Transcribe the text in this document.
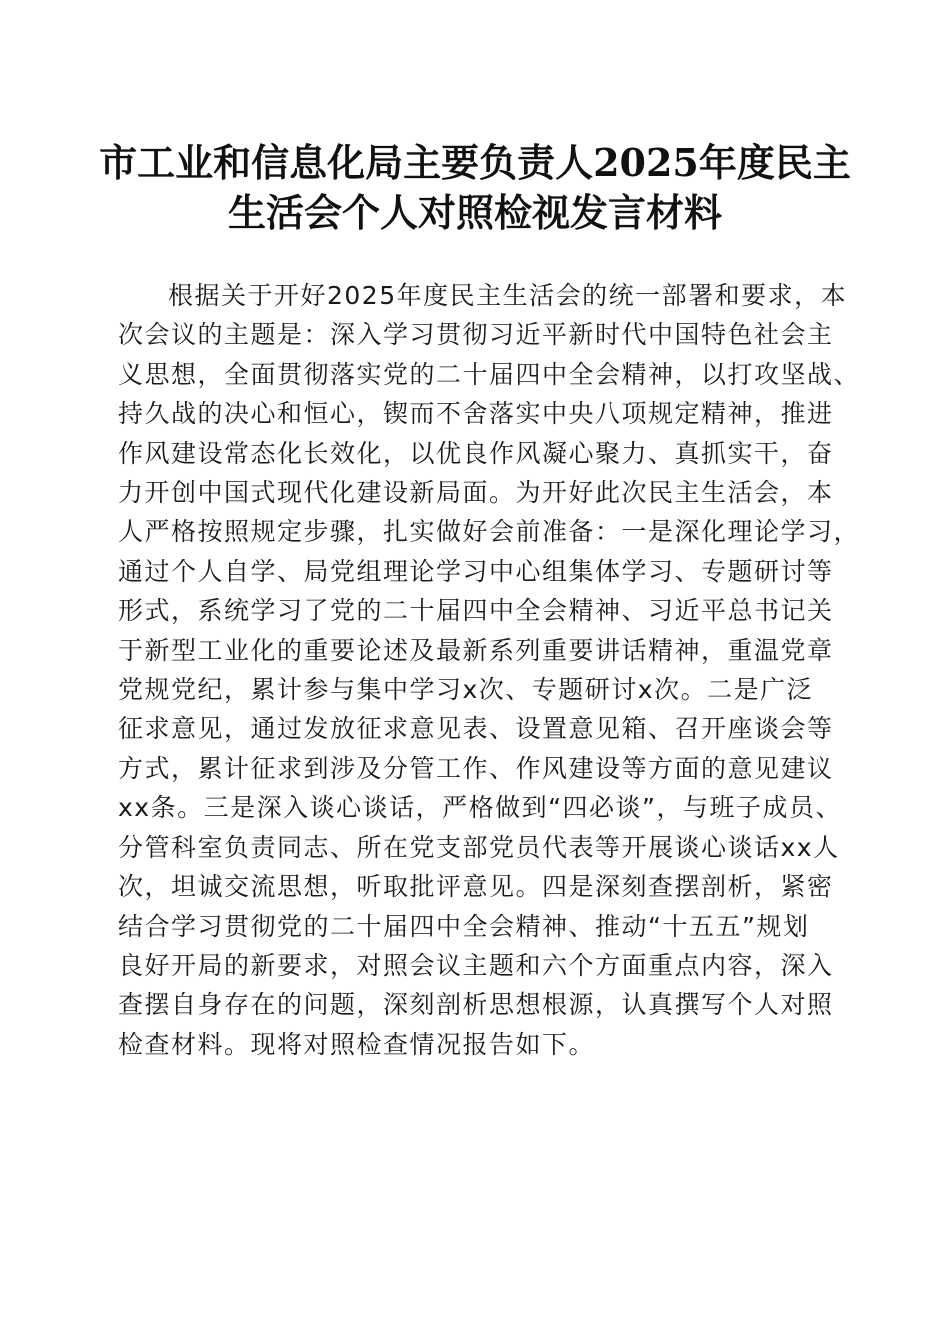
市工业和信息化局主要负责人2025年度民主
生活会个人对照检视发言材料
根据关于开好2025年度民主生活会的统一部署和要求，本
次会议的主题是：深入学习贯彻习近平新时代中国特色社会主
义思想，全面贯彻落实党的二十届四中全会精神，以打攻坚战、
持久战的决心和恒心，锲而不舍落实中央八项规定精神，推进
作风建设常态化长效化，以优良作风凝心聚力、真抓实干，奋
力开创中国式现代化建设新局面。为开好此次民主生活会，本
人严格按照规定步骤，扎实做好会前准备：一是深化理论学习，
通过个人自学、局党组理论学习中心组集体学习、专题研讨等
形式，系统学习了党的二十届四中全会精神、习近平总书记关
于新型工业化的重要论述及最新系列重要讲话精神，重温党章
党规党纪，累计参与集中学习x次、专题研讨x次。二是广泛
征求意见，通过发放征求意见表、设置意见箱、召开座谈会等
方式，累计征求到涉及分管工作、作风建设等方面的意见建议
xx条。三是深入谈心谈话，严格做到“四必谈”，与班子成员、
分管科室负责同志、所在党支部党员代表等开展谈心谈话xx人
次，坦诚交流思想，听取批评意见。四是深刻查摆剖析，紧密
结合学习贯彻党的二十届四中全会精神、推动“十五五”规划
良好开局的新要求，对照会议主题和六个方面重点内容，深入
查摆自身存在的问题，深刻剖析思想根源，认真撰写个人对照
检查材料。现将对照检查情况报告如下。
